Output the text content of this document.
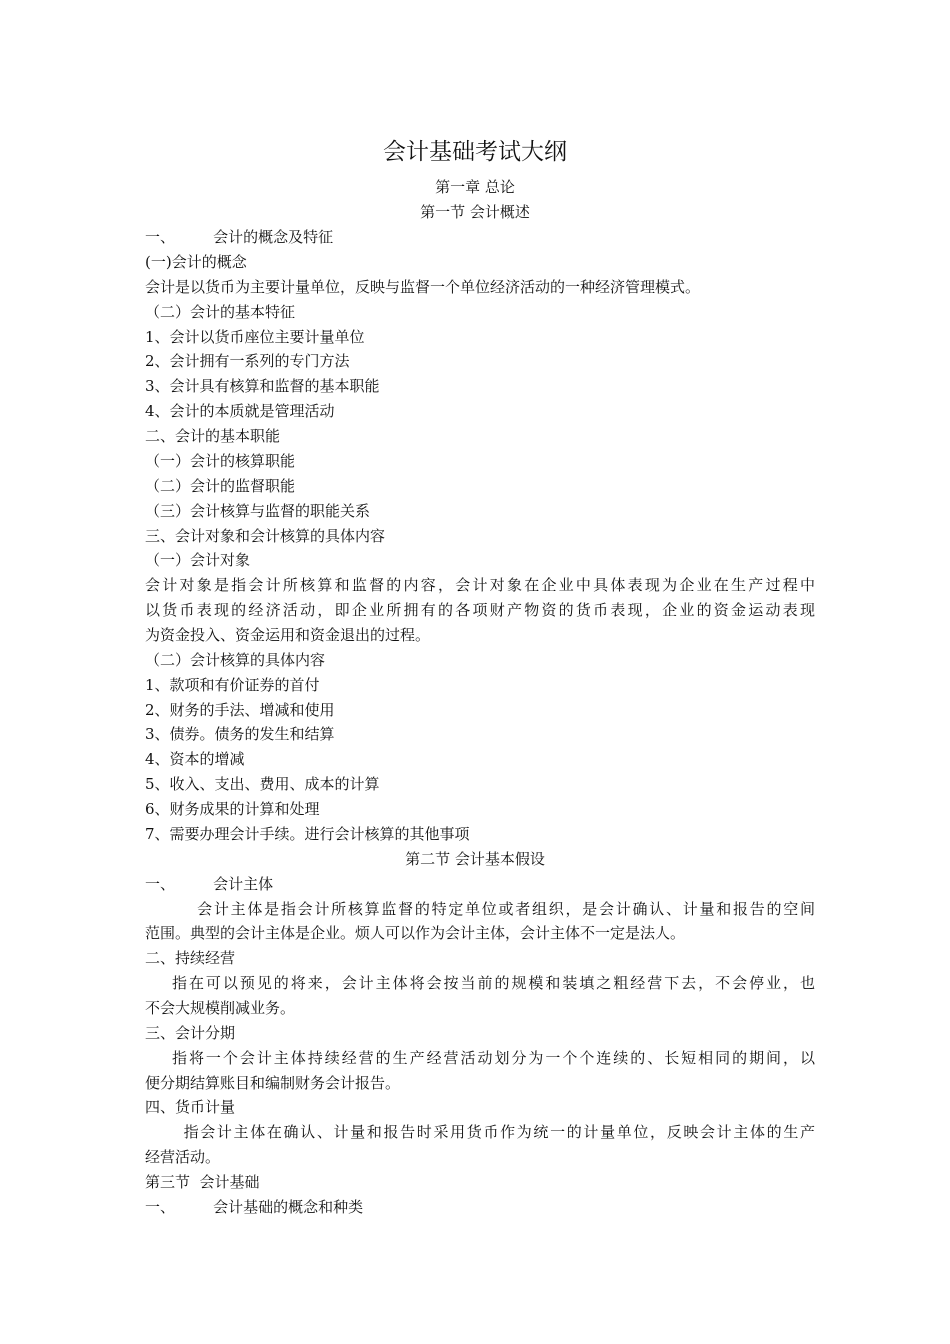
会计基础考试大纲
第一章 总论
第一节 会计概述
一、        会计的概念及特征
(一)会计的概念
会计是以货币为主要计量单位，反映与监督一个单位经济活动的一种经济管理模式。
（二）会计的基本特征
1、会计以货币座位主要计量单位
2、会计拥有一系列的专门方法
3、会计具有核算和监督的基本职能
4、会计的本质就是管理活动
二、会计的基本职能
（一）会计的核算职能
（二）会计的监督职能
（三）会计核算与监督的职能关系
三、会计对象和会计核算的具体内容
（一）会计对象
会计对象是指会计所核算和监督的内容，会计对象在企业中具体表现为企业在生产过程中
以货币表现的经济活动，即企业所拥有的各项财产物资的货币表现，企业的资金运动表现
为资金投入、资金运用和资金退出的过程。
（二）会计核算的具体内容
1、款项和有价证券的首付
2、财务的手法、增减和使用
3、债券。债务的发生和结算
4、资本的增减
5、收入、支出、费用、成本的计算
6、财务成果的计算和处理
7、需要办理会计手续。进行会计核算的其他事项
第二节 会计基本假设
一、        会计主体
会计主体是指会计所核算监督的特定单位或者组织，是会计确认、计量和报告的空间
范围。典型的会计主体是企业。烦人可以作为会计主体，会计主体不一定是法人。
二、持续经营
指在可以预见的将来，会计主体将会按当前的规模和装填之粗经营下去，不会停业，也
不会大规模削减业务。
三、会计分期
指将一个会计主体持续经营的生产经营活动划分为一个个连续的、长短相同的期间，以
便分期结算账目和编制财务会计报告。
四、货币计量
指会计主体在确认、计量和报告时采用货币作为统一的计量单位，反映会计主体的生产
经营活动。
第三节  会计基础
一、        会计基础的概念和种类
